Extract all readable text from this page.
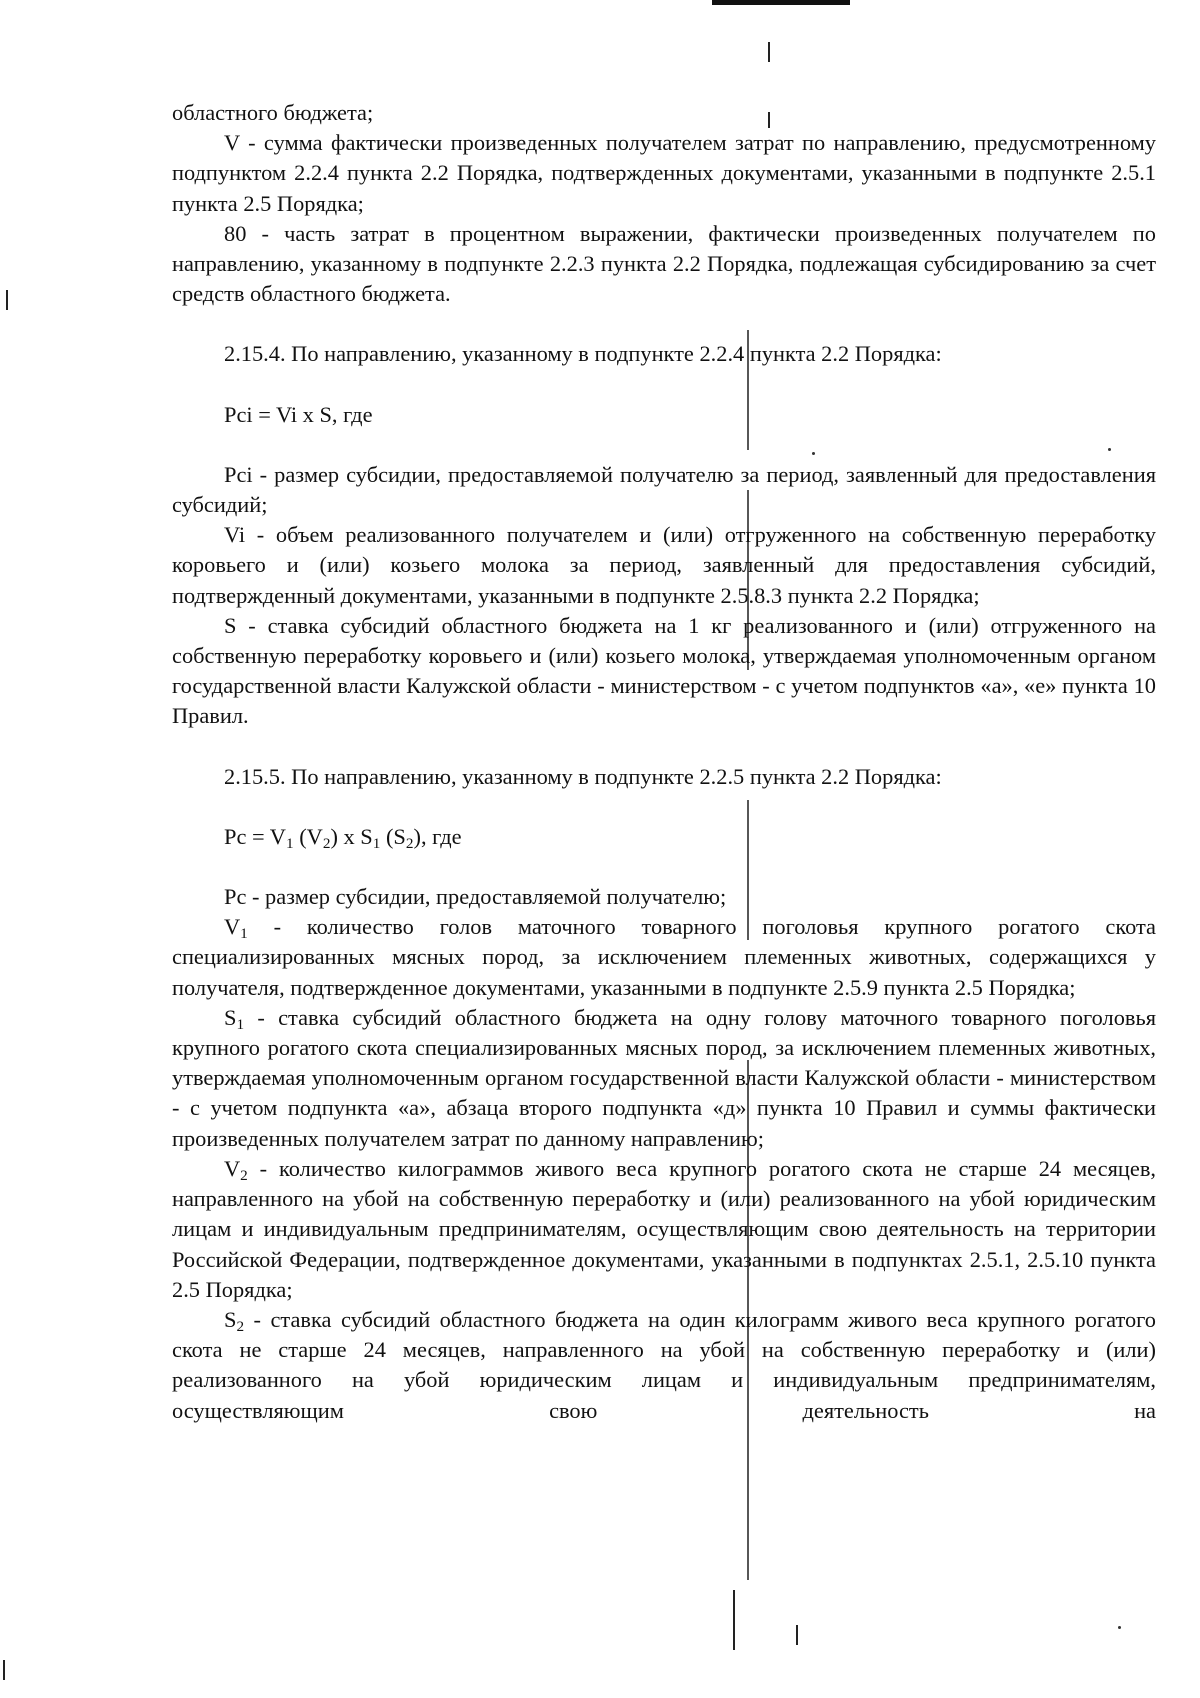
областного бюджета;

V - сумма фактически произведенных получателем затрат по направлению, предусмотренному подпунктом 2.2.4 пункта 2.2 Порядка, подтвержденных документами, указанными в подпункте 2.5.1 пункта 2.5 Порядка;

80 - часть затрат в процентном выражении, фактически произведенных получателем по направлению, указанному в подпункте 2.2.3 пункта 2.2 Порядка, подлежащая субсидированию за счет средств областного бюджета.

2.15.4. По направлению, указанному в подпункте 2.2.4 пункта 2.2 Порядка:

Pci = Vi x S, где

Pci - размер субсидии, предоставляемой получателю за период, заявленный для предоставления субсидий;

Vi - объем реализованного получателем и (или) отгруженного на собственную переработку коровьего и (или) козьего молока за период, заявленный для предоставления субсидий, подтвержденный документами, указанными в подпункте 2.5.8.3 пункта 2.2 Порядка;

S - ставка субсидий областного бюджета на 1 кг реализованного и (или) отгруженного на собственную переработку коровьего и (или) козьего молока, утверждаемая уполномоченным органом государственной власти Калужской области - министерством - с учетом подпунктов «а», «е» пункта 10 Правил.

2.15.5. По направлению, указанному в подпункте 2.2.5 пункта 2.2 Порядка:

$Pc = V_1$ $(V_2)$ x $S_1$ $(S_2)$, где

Pc - размер субсидии, предоставляемой получателю;

$V_1$ - количество голов маточного товарного поголовья крупного рогатого скота специализированных мясных пород, за исключением племенных животных, содержащихся у получателя, подтвержденное документами, указанными в подпункте 2.5.9 пункта 2.5 Порядка;

$S_1$ - ставка субсидий областного бюджета на одну голову маточного товарного поголовья крупного рогатого скота специализированных мясных пород, за исключением племенных животных, утверждаемая уполномоченным органом государственной власти Калужской области - министерством - с учетом подпункта «а», абзаца второго подпункта «д» пункта 10 Правил и суммы фактически произведенных получателем затрат по данному направлению;

$V_2$ - количество килограммов живого веса крупного рогатого скота не старше 24 месяцев, направленного на убой на собственную переработку и (или) реализованного на убой юридическим лицам и индивидуальным предпринимателям, осуществляющим свою деятельность на территории Российской Федерации, подтвержденное документами, указанными в подпунктах 2.5.1, 2.5.10 пункта 2.5 Порядка;

$S_2$ - ставка субсидий областного бюджета на один килограмм живого веса крупного рогатого скота не старше 24 месяцев, направленного на убой на собственную переработку и (или) реализованного на убой юридическим лицам и индивидуальным предпринимателям, осуществляющим свою деятельность на
